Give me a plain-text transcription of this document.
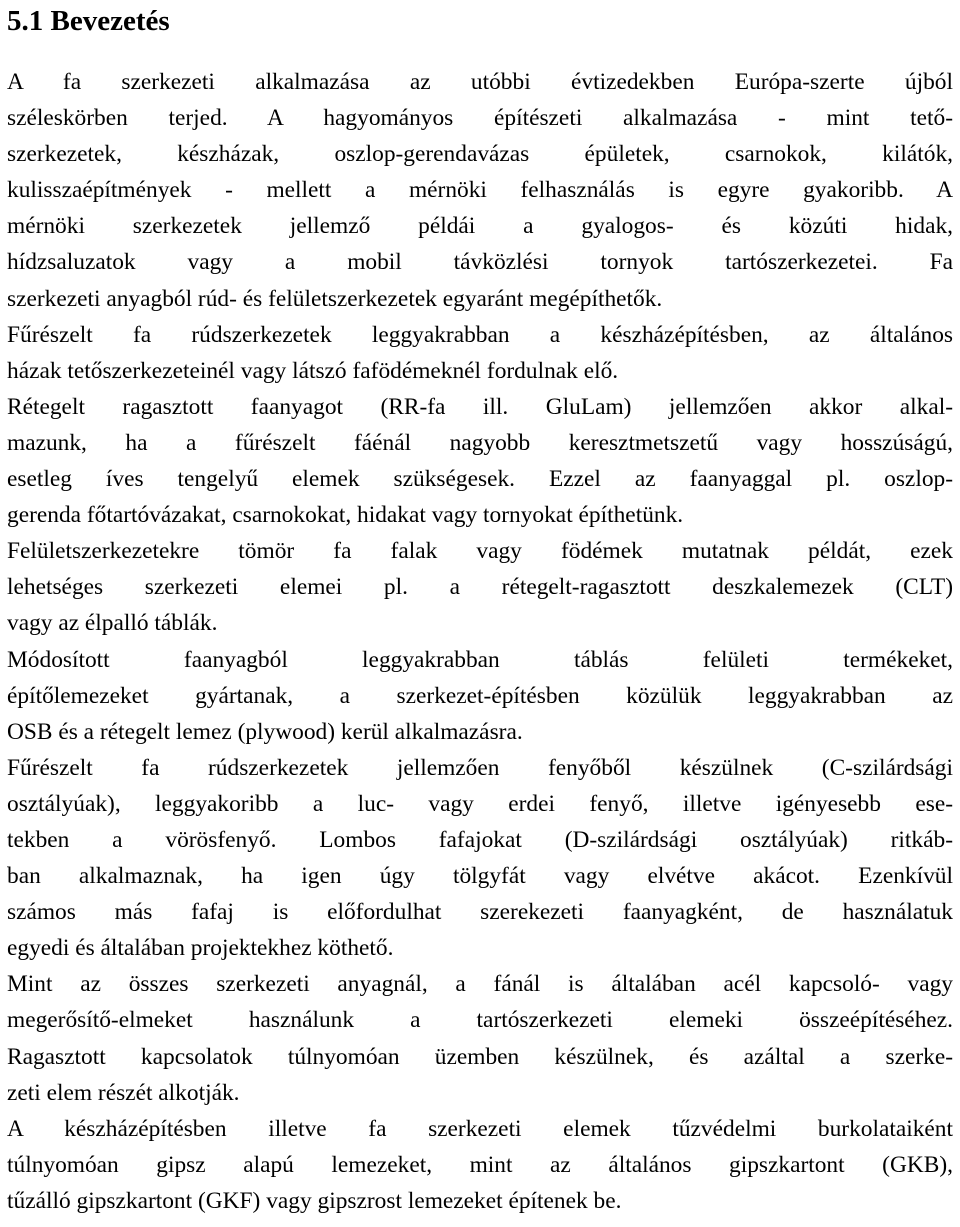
5.1 Bevezetés

A fa szerkezeti alkalmazása az utóbbi évtizedekben Európa-szerte újból
széleskörben terjed. A hagyományos építészeti alkalmazása - mint tető-
szerkezetek, készházak, oszlop-gerendavázas épületek, csarnokok, kilátók,
kulisszaépítmények - mellett a mérnöki felhasználás is egyre gyakoribb. A
mérnöki szerkezetek jellemző példái a gyalogos- és közúti hidak,
hídzsaluzatok vagy a mobil távközlési tornyok tartószerkezetei. Fa
szerkezeti anyagból rúd- és felületszerkezetek egyaránt megépíthetők.

Fűrészelt fa rúdszerkezetek leggyakrabban a készházépítésben, az általános
házak tetőszerkezeteinél vagy látszó fafödémeknél fordulnak elő.

Rétegelt ragasztott faanyagot (RR-fa ill. GluLam) jellemzően akkor alkal-
mazunk, ha a fűrészelt fáénál nagyobb keresztmetszetű vagy hosszúságú,
esetleg íves tengelyű elemek szükségesek. Ezzel az faanyaggal pl. oszlop-
gerenda főtartóvázakat, csarnokokat, hidakat vagy tornyokat építhetünk.

Felületszerkezetekre tömör fa falak vagy födémek mutatnak példát, ezek
lehetséges szerkezeti elemei pl. a rétegelt-ragasztott deszkalemezek (CLT)
vagy az élpalló táblák.

Módosított faanyagból leggyakrabban táblás felületi termékeket,
építőlemezeket gyártanak, a szerkezet-építésben közülük leggyakrabban az
OSB és a rétegelt lemez (plywood) kerül alkalmazásra.

Fűrészelt fa rúdszerkezetek jellemzően fenyőből készülnek (C-szilárdsági
osztályúak), leggyakoribb a luc- vagy erdei fenyő, illetve igényesebb ese-
tekben a vörösfenyő. Lombos fafajokat (D-szilárdsági osztályúak) ritkáb-
ban alkalmaznak, ha igen úgy tölgyfát vagy elvétve akácot. Ezenkívül
számos más fafaj is előfordulhat szerekezeti faanyagként, de használatuk
egyedi és általában projektekhez köthető.

Mint az összes szerkezeti anyagnál, a fánál is általában acél kapcsoló- vagy
megerősítő-elmeket használunk a tartószerkezeti elemeki összeépítéséhez.
Ragasztott kapcsolatok túlnyomóan üzemben készülnek, és azáltal a szerke-
zeti elem részét alkotják.

A készházépítésben illetve fa szerkezeti elemek tűzvédelmi burkolataiként
túlnyomóan gipsz alapú lemezeket, mint az általános gipszkartont (GKB),
tűzálló gipszkartont (GKF) vagy gipszrost lemezeket építenek be.
